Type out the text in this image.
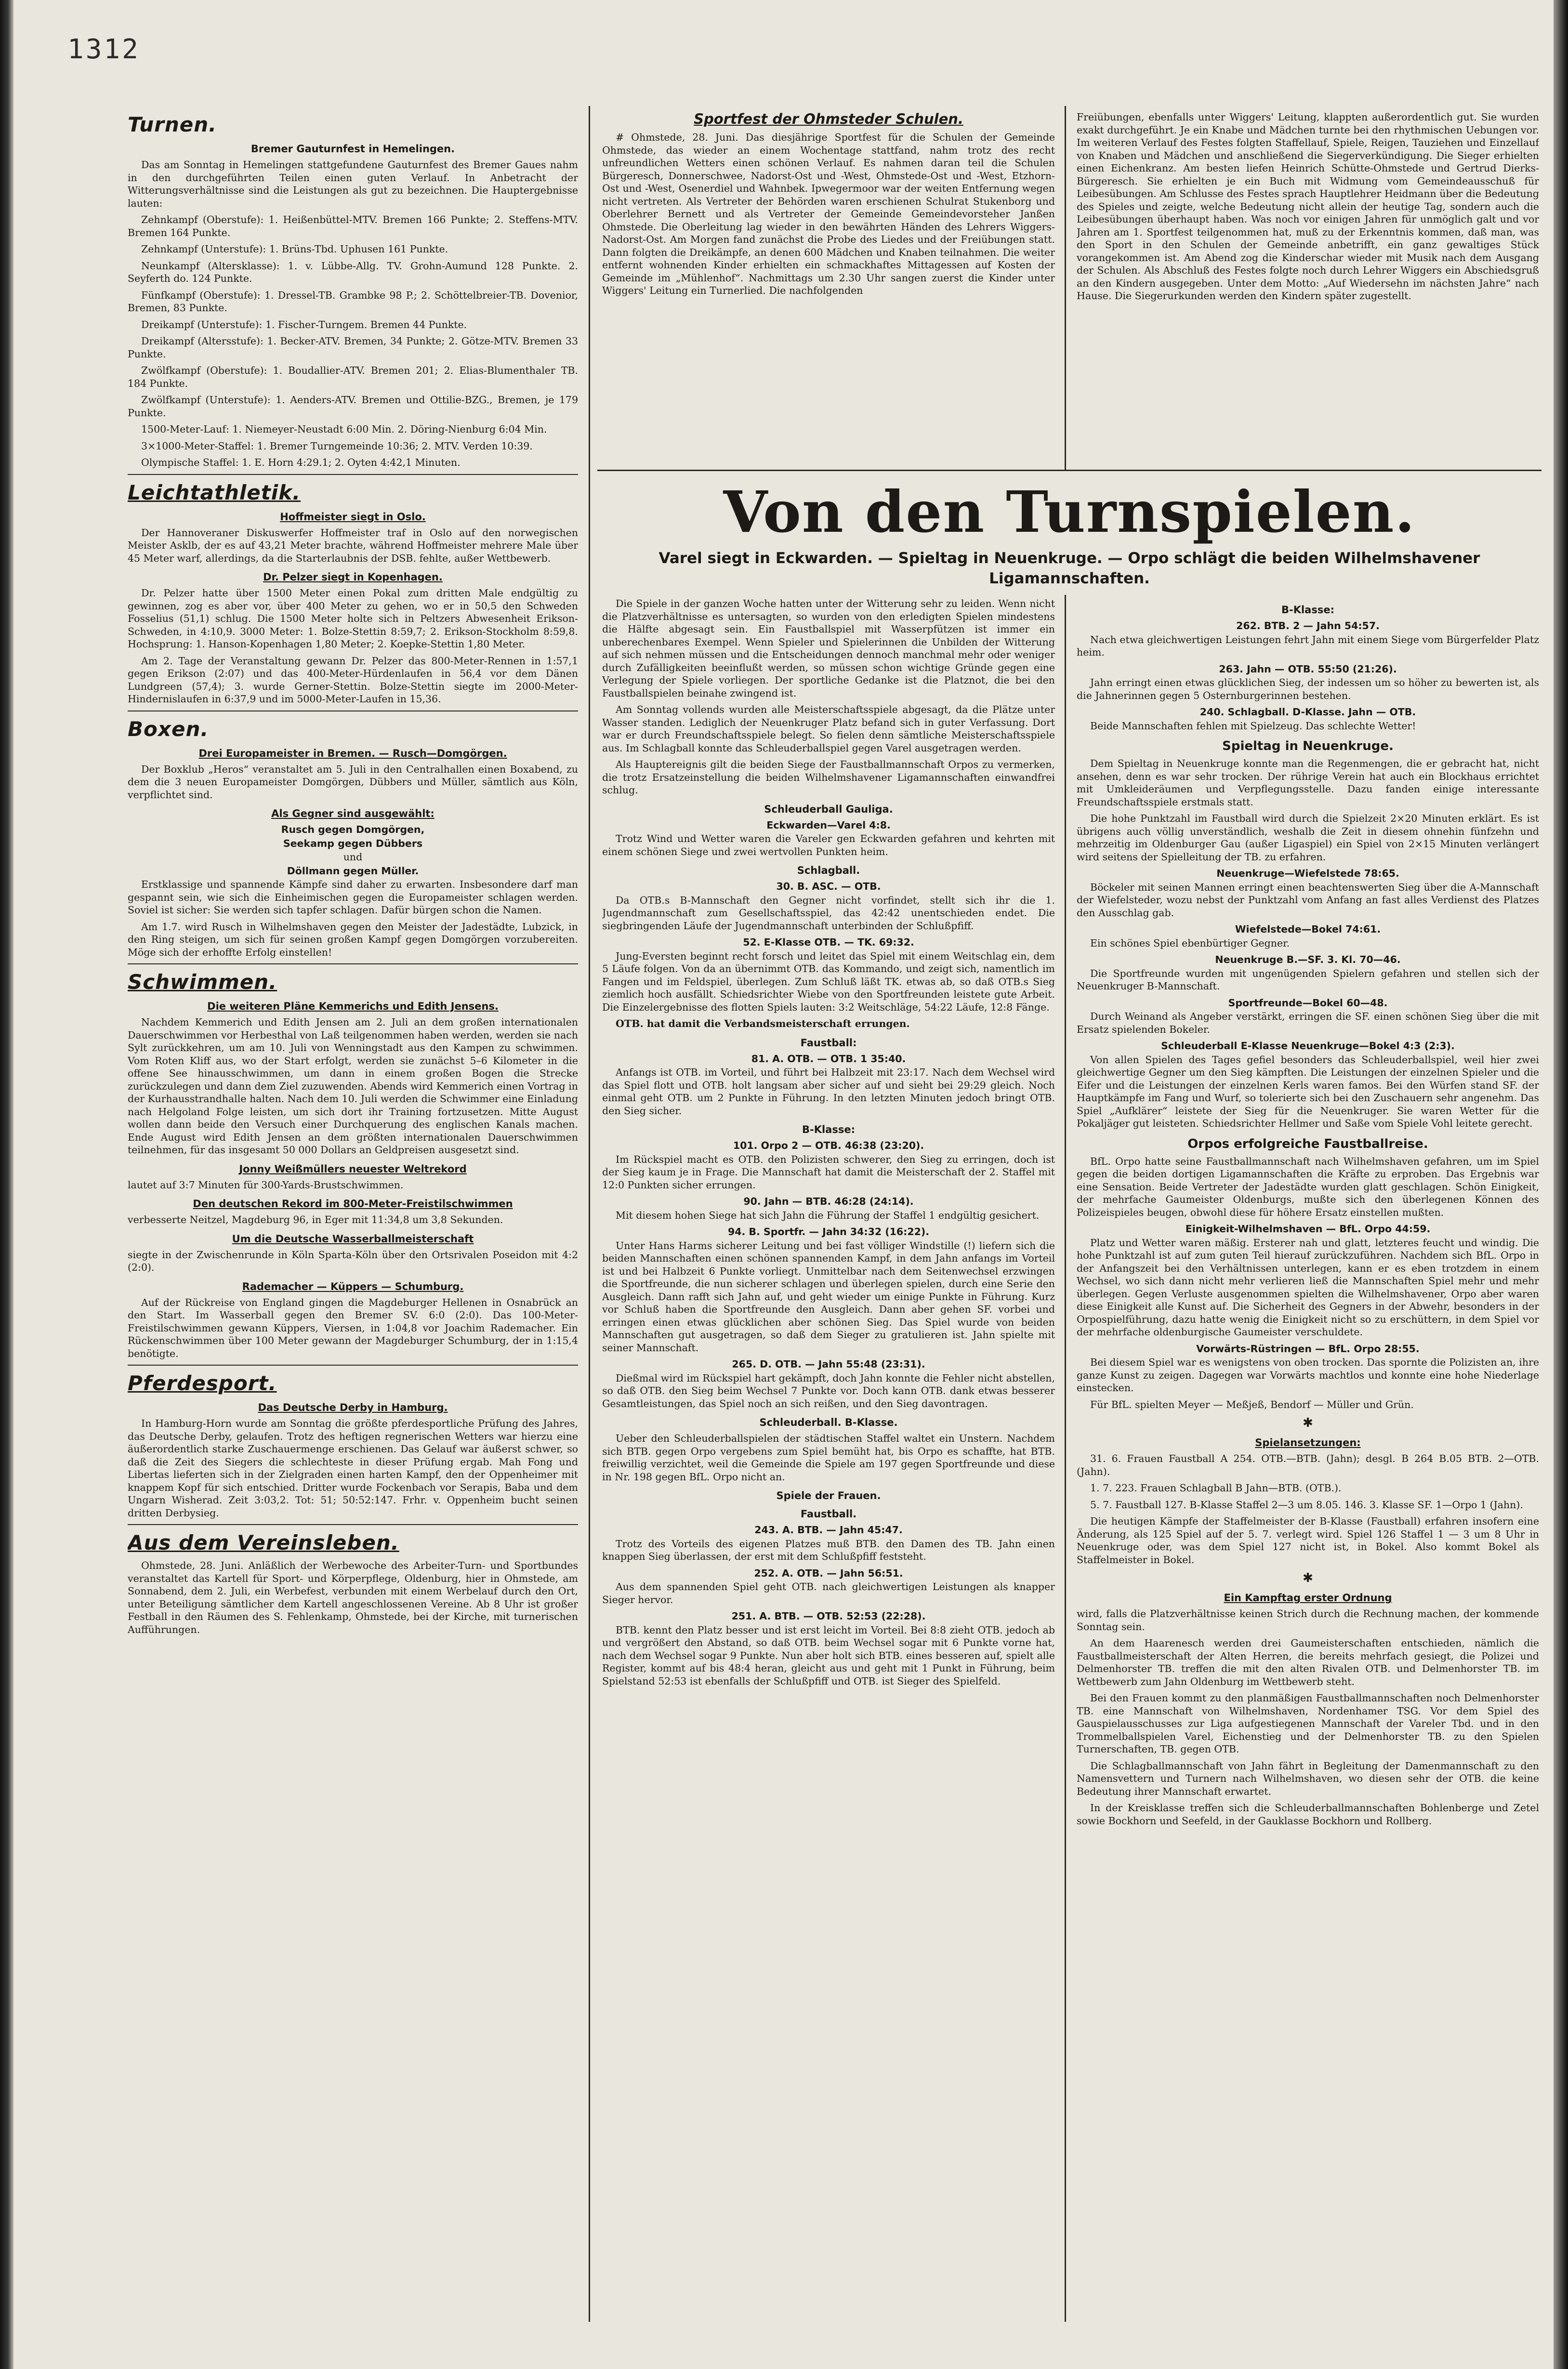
1312
Turnen.
Bremer Gauturnfest in Hemelingen.

Das am Sonntag in Hemelingen stattgefundene Gauturnfest des Bremer Gaues nahm in den durchgeführten Teilen einen guten Verlauf. In Anbetracht der Witterungsverhältnisse sind die Leistungen als gut zu bezeichnen. Die Hauptergebnisse lauten:

Zehnkampf (Oberstufe): 1. Heißenbüttel-MTV. Bremen 166 Punkte; 2. Steffens-MTV. Bremen 164 Punkte.

Zehnkampf (Unterstufe): 1. Brüns-Tbd. Uphusen 161 Punkte.

Neunkampf (Altersklasse): 1. v. Lübbe-Allg. TV. Grohn-Aumund 128 Punkte. 2. Seyferth do. 124 Punkte.

Fünfkampf (Oberstufe): 1. Dressel-TB. Grambke 98 P.; 2. Schöttelbreier-TB. Dovenior, Bremen, 83 Punkte.

Dreikampf (Unterstufe): 1. Fischer-Turngem. Bremen 44 Punkte.

Dreikampf (Altersstufe): 1. Becker-ATV. Bremen, 34 Punkte; 2. Götze-MTV. Bremen 33 Punkte.

Zwölfkampf (Oberstufe): 1. Boudallier-ATV. Bremen 201; 2. Elias-Blumenthaler TB. 184 Punkte.

Zwölfkampf (Unterstufe): 1. Aenders-ATV. Bremen und Ottilie-BZG., Bremen, je 179 Punkte.

1500-Meter-Lauf: 1. Niemeyer-Neustadt 6:00 Min. 2. Döring-Nienburg 6:04 Min.

3×1000-Meter-Staffel: 1. Bremer Turngemeinde 10:36; 2. MTV. Verden 10:39.

Olympische Staffel: 1. E. Horn 4:29.1; 2. Oyten 4:42,1 Minuten.

Leichtathletik.
Hoffmeister siegt in Oslo.

Der Hannoveraner Diskuswerfer Hoffmeister traf in Oslo auf den norwegischen Meister Asklb, der es auf 43,21 Meter brachte, während Hoffmeister mehrere Male über 45 Meter warf, allerdings, da die Starterlaubnis der DSB. fehlte, außer Wettbewerb.

Dr. Pelzer siegt in Kopenhagen.

Dr. Pelzer hatte über 1500 Meter einen Pokal zum dritten Male endgültig zu gewinnen, zog es aber vor, über 400 Meter zu gehen, wo er in 50,5 den Schweden Fosselius (51,1) schlug. Die 1500 Meter holte sich in Peltzers Abwesenheit Erikson-Schweden, in 4:10,9. 3000 Meter: 1. Bolze-Stettin 8:59,7; 2. Erikson-Stockholm 8:59,8. Hochsprung: 1. Hanson-Kopenhagen 1,80 Meter; 2. Koepke-Stettin 1,80 Meter.

Am 2. Tage der Veranstaltung gewann Dr. Pelzer das 800-Meter-Rennen in 1:57,1 gegen Erikson (2:07) und das 400-Meter-Hürdenlaufen in 56,4 vor dem Dänen Lundgreen (57,4); 3. wurde Gerner-Stettin. Bolze-Stettin siegte im 2000-Meter-Hindernislaufen in 6:37,9 und im 5000-Meter-Laufen in 15,36.

Boxen.
Drei Europameister in Bremen. — Rusch—Domgörgen.

Der Boxklub „Heros“ veranstaltet am 5. Juli in den Centralhallen einen Boxabend, zu dem die 3 neuen Europameister Domgörgen, Dübbers und Müller, sämtlich aus Köln, verpflichtet sind.

Als Gegner sind ausgewählt:
Rusch gegen Domgörgen,
Seekamp gegen Dübbers
und
Döllmann gegen Müller.

Erstklassige und spannende Kämpfe sind daher zu erwarten. Insbesondere darf man gespannt sein, wie sich die Einheimischen gegen die Europameister schlagen werden. Soviel ist sicher: Sie werden sich tapfer schlagen. Dafür bürgen schon die Namen.

Am 1.7. wird Rusch in Wilhelmshaven gegen den Meister der Jadestädte, Lubzick, in den Ring steigen, um sich für seinen großen Kampf gegen Domgörgen vorzubereiten. Möge sich der erhoffte Erfolg einstellen!

Schwimmen.
Die weiteren Pläne Kemmerichs und Edith Jensens.

Nachdem Kemmerich und Edith Jensen am 2. Juli an dem großen internationalen Dauerschwimmen vor Herbesthal von Laß teilgenommen haben werden, werden sie nach Sylt zurückkehren, um am 10. Juli von Wenningstadt aus den Kampen zu schwimmen. Vom Roten Kliff aus, wo der Start erfolgt, werden sie zunächst 5–6 Kilometer in die offene See hinausschwimmen, um dann in einem großen Bogen die Strecke zurückzulegen und dann dem Ziel zuzuwenden. Abends wird Kemmerich einen Vortrag in der Kurhausstrandhalle halten. Nach dem 10. Juli werden die Schwimmer eine Einladung nach Helgoland Folge leisten, um sich dort ihr Training fortzusetzen. Mitte August wollen dann beide den Versuch einer Durchquerung des englischen Kanals machen. Ende August wird Edith Jensen an dem größten internationalen Dauerschwimmen teilnehmen, für das insgesamt 50 000 Dollars an Geldpreisen ausgesetzt sind.

Jonny Weißmüllers neuester Weltrekord

lautet auf 3:7 Minuten für 300-Yards-Brustschwimmen.

Den deutschen Rekord im 800-Meter-Freistilschwimmen

verbesserte Neitzel, Magdeburg 96, in Eger mit 11:34,8 um 3,8 Sekunden.

Um die Deutsche Wasserballmeisterschaft

siegte in der Zwischenrunde in Köln Sparta-Köln über den Ortsrivalen Poseidon mit 4:2 (2:0).

Rademacher — Küppers — Schumburg.

Auf der Rückreise von England gingen die Magdeburger Hellenen in Osnabrück an den Start. Im Wasserball gegen den Bremer SV. 6:0 (2:0). Das 100-Meter-Freistilschwimmen gewann Küppers, Viersen, in 1:04,8 vor Joachim Rademacher. Ein Rückenschwimmen über 100 Meter gewann der Magdeburger Schumburg, der in 1:15,4 benötigte.

Pferdesport.
Das Deutsche Derby in Hamburg.

In Hamburg-Horn wurde am Sonntag die größte pferdesportliche Prüfung des Jahres, das Deutsche Derby, gelaufen. Trotz des heftigen regnerischen Wetters war hierzu eine äußerordentlich starke Zuschauermenge erschienen. Das Gelauf war äußerst schwer, so daß die Zeit des Siegers die schlechteste in dieser Prüfung ergab. Mah Fong und Libertas lieferten sich in der Zielgraden einen harten Kampf, den der Oppenheimer mit knappem Kopf für sich entschied. Dritter wurde Fockenbach vor Serapis, Baba und dem Ungarn Wisherad. Zeit 3:03,2. Tot: 51; 50:52:147. Frhr. v. Oppenheim bucht seinen dritten Derbysieg.

Aus dem Vereinsleben.

Ohmstede, 28. Juni. Anläßlich der Werbewoche des Arbeiter-Turn- und Sportbundes veranstaltet das Kartell für Sport- und Körperpflege, Oldenburg, hier in Ohmstede, am Sonnabend, dem 2. Juli, ein Werbefest, verbunden mit einem Werbelauf durch den Ort, unter Beteiligung sämtlicher dem Kartell angeschlossenen Vereine. Ab 8 Uhr ist großer Festball in den Räumen des S. Fehlenkamp, Ohmstede, bei der Kirche, mit turnerischen Aufführungen.

Sportfest der Ohmsteder Schulen.

# Ohmstede, 28. Juni. Das diesjährige Sportfest für die Schulen der Gemeinde Ohmstede, das wieder an einem Wochentage stattfand, nahm trotz des recht unfreundlichen Wetters einen schönen Verlauf. Es nahmen daran teil die Schulen Bürgeresch, Donnerschwee, Nadorst-Ost und -West, Ohmstede-Ost und -West, Etzhorn-Ost und -West, Osenerdiel und Wahnbek. Ipwegermoor war der weiten Entfernung wegen nicht vertreten. Als Vertreter der Behörden waren erschienen Schulrat Stukenborg und Oberlehrer Bernett und als Vertreter der Gemeinde Gemeindevorsteher Janßen Ohmstede. Die Oberleitung lag wieder in den bewährten Händen des Lehrers Wiggers-Nadorst-Ost. Am Morgen fand zunächst die Probe des Liedes und der Freiübungen statt. Dann folgten die Dreikämpfe, an denen 600 Mädchen und Knaben teilnahmen. Die weiter entfernt wohnenden Kinder erhielten ein schmackhaftes Mittagessen auf Kosten der Gemeinde im „Mühlenhof“. Nachmittags um 2.30 Uhr sangen zuerst die Kinder unter Wiggers' Leitung ein Turnerlied. Die nachfolgenden

Freiübungen, ebenfalls unter Wiggers' Leitung, klappten außerordentlich gut. Sie wurden exakt durchgeführt. Je ein Knabe und Mädchen turnte bei den rhythmischen Uebungen vor. Im weiteren Verlauf des Festes folgten Staffellauf, Spiele, Reigen, Tauziehen und Einzellauf von Knaben und Mädchen und anschließend die Siegerverkündigung. Die Sieger erhielten einen Eichenkranz. Am besten liefen Heinrich Schütte-Ohmstede und Gertrud Dierks-Bürgeresch. Sie erhielten je ein Buch mit Widmung vom Gemeindeausschuß für Leibesübungen. Am Schlusse des Festes sprach Hauptlehrer Heidmann über die Bedeutung des Spieles und zeigte, welche Bedeutung nicht allein der heutige Tag, sondern auch die Leibesübungen überhaupt haben. Was noch vor einigen Jahren für unmöglich galt und vor Jahren am 1. Sportfest teilgenommen hat, muß zu der Erkenntnis kommen, daß man, was den Sport in den Schulen der Gemeinde anbetrifft, ein ganz gewaltiges Stück vorangekommen ist. Am Abend zog die Kinderschar wieder mit Musik nach dem Ausgang der Schulen. Als Abschluß des Festes folgte noch durch Lehrer Wiggers ein Abschiedsgruß an den Kindern ausgegeben. Unter dem Motto: „Auf Wiedersehn im nächsten Jahre“ nach Hause. Die Siegerurkunden werden den Kindern später zugestellt.

Von den Turnspielen.
Varel siegt in Eckwarden. — Spieltag in Neuenkruge. — Orpo schlägt die beiden Wilhelmshavener Ligamannschaften.

Die Spiele in der ganzen Woche hatten unter der Witterung sehr zu leiden. Wenn nicht die Platzverhältnisse es untersagten, so wurden von den erledigten Spielen mindestens die Hälfte abgesagt sein. Ein Faustballspiel mit Wasserpfützen ist immer ein unberechenbares Exempel. Wenn Spieler und Spielerinnen die Unbilden der Witterung auf sich nehmen müssen und die Entscheidungen dennoch manchmal mehr oder weniger durch Zufälligkeiten beeinflußt werden, so müssen schon wichtige Gründe gegen eine Verlegung der Spiele vorliegen. Der sportliche Gedanke ist die Platznot, die bei den Faustballspielen beinahe zwingend ist.

Am Sonntag vollends wurden alle Meisterschaftsspiele abgesagt, da die Plätze unter Wasser standen. Lediglich der Neuenkruger Platz befand sich in guter Verfassung. Dort war er durch Freundschaftsspiele belegt. So fielen denn sämtliche Meisterschaftsspiele aus. Im Schlagball konnte das Schleuderballspiel gegen Varel ausgetragen werden.

Als Hauptereignis gilt die beiden Siege der Faustballmannschaft Orpos zu vermerken, die trotz Ersatzeinstellung die beiden Wilhelmshavener Ligamannschaften einwandfrei schlug.

Schleuderball Gauliga.
Eckwarden—Varel 4:8.

Trotz Wind und Wetter waren die Vareler gen Eckwarden gefahren und kehrten mit einem schönen Siege und zwei wertvollen Punkten heim.

Schlagball.
30. B. ASC. — OTB.

Da OTB.s B-Mannschaft den Gegner nicht vorfindet, stellt sich ihr die 1. Jugendmannschaft zum Gesellschaftsspiel, das 42:42 unentschieden endet. Die siegbringenden Läufe der Jugendmannschaft unterbinden der Schlußpfiff.

52. E-Klasse OTB. — TK. 69:32.

Jung-Eversten beginnt recht forsch und leitet das Spiel mit einem Weitschlag ein, dem 5 Läufe folgen. Von da an übernimmt OTB. das Kommando, und zeigt sich, namentlich im Fangen und im Feldspiel, überlegen. Zum Schluß läßt TK. etwas ab, so daß OTB.s Sieg ziemlich hoch ausfällt. Schiedsrichter Wiebe von den Sportfreunden leistete gute Arbeit. Die Einzelergebnisse des flotten Spiels lauten: 3:2 Weitschläge, 54:22 Läufe, 12:8 Fänge.

OTB. hat damit die Verbandsmeisterschaft errungen.

Faustball:
81. A. OTB. — OTB. 1 35:40.

Anfangs ist OTB. im Vorteil, und führt bei Halbzeit mit 23:17. Nach dem Wechsel wird das Spiel flott und OTB. holt langsam aber sicher auf und sieht bei 29:29 gleich. Noch einmal geht OTB. um 2 Punkte in Führung. In den letzten Minuten jedoch bringt OTB. den Sieg sicher.

B-Klasse:
101. Orpo 2 — OTB. 46:38 (23:20).

Im Rückspiel macht es OTB. den Polizisten schwerer, den Sieg zu erringen, doch ist der Sieg kaum je in Frage. Die Mannschaft hat damit die Meisterschaft der 2. Staffel mit 12:0 Punkten sicher errungen.

90. Jahn — BTB. 46:28 (24:14).

Mit diesem hohen Siege hat sich Jahn die Führung der Staffel 1 endgültig gesichert.

94. B. Sportfr. — Jahn 34:32 (16:22).

Unter Hans Harms sicherer Leitung und bei fast völliger Windstille (!) liefern sich die beiden Mannschaften einen schönen spannenden Kampf, in dem Jahn anfangs im Vorteil ist und bei Halbzeit 6 Punkte vorliegt. Unmittelbar nach dem Seitenwechsel erzwingen die Sportfreunde, die nun sicherer schlagen und überlegen spielen, durch eine Serie den Ausgleich. Dann rafft sich Jahn auf, und geht wieder um einige Punkte in Führung. Kurz vor Schluß haben die Sportfreunde den Ausgleich. Dann aber gehen SF. vorbei und erringen einen etwas glücklichen aber schönen Sieg. Das Spiel wurde von beiden Mannschaften gut ausgetragen, so daß dem Sieger zu gratulieren ist. Jahn spielte mit seiner Mannschaft.

265. D. OTB. — Jahn 55:48 (23:31).

Dießmal wird im Rückspiel hart gekämpft, doch Jahn konnte die Fehler nicht abstellen, so daß OTB. den Sieg beim Wechsel 7 Punkte vor. Doch kann OTB. dank etwas besserer Gesamtleistungen, das Spiel noch an sich reißen, und den Sieg davontragen.

Schleuderball. B-Klasse.

Ueber den Schleuderballspielen der städtischen Staffel waltet ein Unstern. Nachdem sich BTB. gegen Orpo vergebens zum Spiel bemüht hat, bis Orpo es schaffte, hat BTB. freiwillig verzichtet, weil die Gemeinde die Spiele am 197 gegen Sportfreunde und diese in Nr. 198 gegen BfL. Orpo nicht an.

Spiele der Frauen.
Faustball.
243. A. BTB. — Jahn 45:47.

Trotz des Vorteils des eigenen Platzes muß BTB. den Damen des TB. Jahn einen knappen Sieg überlassen, der erst mit dem Schlußpfiff feststeht.

252. A. OTB. — Jahn 56:51.

Aus dem spannenden Spiel geht OTB. nach gleichwertigen Leistungen als knapper Sieger hervor.

251. A. BTB. — OTB. 52:53 (22:28).

BTB. kennt den Platz besser und ist erst leicht im Vorteil. Bei 8:8 zieht OTB. jedoch ab und vergrößert den Abstand, so daß OTB. beim Wechsel sogar mit 6 Punkte vorne hat, nach dem Wechsel sogar 9 Punkte. Nun aber holt sich BTB. eines besseren auf, spielt alle Register, kommt auf bis 48:4 heran, gleicht aus und geht mit 1 Punkt in Führung, beim Spielstand 52:53 ist ebenfalls der Schlußpfiff und OTB. ist Sieger des Spielfeld.

B-Klasse:
262. BTB. 2 — Jahn 54:57.

Nach etwa gleichwertigen Leistungen fehrt Jahn mit einem Siege vom Bürgerfelder Platz heim.

263. Jahn — OTB. 55:50 (21:26).

Jahn erringt einen etwas glücklichen Sieg, der indessen um so höher zu bewerten ist, als die Jahnerinnen gegen 5 Osternburgerinnen bestehen.

240. Schlagball. D-Klasse. Jahn — OTB.

Beide Mannschaften fehlen mit Spielzeug. Das schlechte Wetter!

Spieltag in Neuenkruge.

Dem Spieltag in Neuenkruge konnte man die Regenmengen, die er gebracht hat, nicht ansehen, denn es war sehr trocken. Der rührige Verein hat auch ein Blockhaus errichtet mit Umkleideräumen und Verpflegungsstelle. Dazu fanden einige interessante Freundschaftsspiele erstmals statt.

Die hohe Punktzahl im Faustball wird durch die Spielzeit 2×20 Minuten erklärt. Es ist übrigens auch völlig unverständlich, weshalb die Zeit in diesem ohnehin fünfzehn und mehrzeitig im Oldenburger Gau (außer Ligaspiel) ein Spiel von 2×15 Minuten verlängert wird seitens der Spielleitung der TB. zu erfahren.

Neuenkruge—Wiefelstede 78:65.

Böckeler mit seinen Mannen erringt einen beachtenswerten Sieg über die A-Mannschaft der Wiefelsteder, wozu nebst der Punktzahl vom Anfang an fast alles Verdienst des Platzes den Ausschlag gab.

Wiefelstede—Bokel 74:61.

Ein schönes Spiel ebenbürtiger Gegner.

Neuenkruge B.—SF. 3. Kl. 70—46.

Die Sportfreunde wurden mit ungenügenden Spielern gefahren und stellen sich der Neuenkruger B-Mannschaft.

Sportfreunde—Bokel 60—48.

Durch Weinand als Angeber verstärkt, erringen die SF. einen schönen Sieg über die mit Ersatz spielenden Bokeler.

Schleuderball E-Klasse Neuenkruge—Bokel 4:3 (2:3).

Von allen Spielen des Tages gefiel besonders das Schleuderballspiel, weil hier zwei gleichwertige Gegner um den Sieg kämpften. Die Leistungen der einzelnen Spieler und die Eifer und die Leistungen der einzelnen Kerls waren famos. Bei den Würfen stand SF. der Hauptkämpfe im Fang und Wurf, so tolerierte sich bei den Zuschauern sehr angenehm. Das Spiel „Aufklärer“ leistete der Sieg für die Neuenkruger. Sie waren Wetter für die Pokaljäger gut leisteten. Schiedsrichter Hellmer und Saße vom Spiele Vohl leitete gerecht.

Orpos erfolgreiche Faustballreise.

BfL. Orpo hatte seine Faustballmannschaft nach Wilhelmshaven gefahren, um im Spiel gegen die beiden dortigen Ligamannschaften die Kräfte zu erproben. Das Ergebnis war eine Sensation. Beide Vertreter der Jadestädte wurden glatt geschlagen. Schön Einigkeit, der mehrfache Gaumeister Oldenburgs, mußte sich den überlegenen Können des Polizeispieles beugen, obwohl diese für höhere Ersatz einstellen mußten.

Einigkeit-Wilhelmshaven — BfL. Orpo 44:59.

Platz und Wetter waren mäßig. Ersterer nah und glatt, letzteres feucht und windig. Die hohe Punktzahl ist auf zum guten Teil hierauf zurückzuführen. Nachdem sich BfL. Orpo in der Anfangszeit bei den Verhältnissen unterlegen, kann er es eben trotzdem in einem Wechsel, wo sich dann nicht mehr verlieren ließ die Mannschaften Spiel mehr und mehr überlegen. Gegen Verluste ausgenommen spielten die Wilhelmshavener, Orpo aber waren diese Einigkeit alle Kunst auf. Die Sicherheit des Gegners in der Abwehr, besonders in der Orpospielführung, dazu hatte wenig die Einigkeit nicht so zu erschüttern, in dem Spiel vor der mehrfache oldenburgische Gaumeister verschuldete.

Vorwärts-Rüstringen — BfL. Orpo 28:55.

Bei diesem Spiel war es wenigstens von oben trocken. Das spornte die Polizisten an, ihre ganze Kunst zu zeigen. Dagegen war Vorwärts machtlos und konnte eine hohe Niederlage einstecken.

Für BfL. spielten Meyer — Meßjeß, Bendorf — Müller und Grün.

✱
Spielansetzungen:

31. 6. Frauen Faustball A 254. OTB.—BTB. (Jahn); desgl. B 264 B.05 BTB. 2—OTB. (Jahn).

1. 7. 223. Frauen Schlagball B Jahn—BTB. (OTB.).

5. 7. Faustball 127. B-Klasse Staffel 2—3 um 8.05. 146. 3. Klasse SF. 1—Orpo 1 (Jahn).

Die heutigen Kämpfe der Staffelmeister der B-Klasse (Faustball) erfahren insofern eine Änderung, als 125 Spiel auf der 5. 7. verlegt wird. Spiel 126 Staffel 1 — 3 um 8 Uhr in Neuenkruge oder, was dem Spiel 127 nicht ist, in Bokel. Also kommt Bokel als Staffelmeister in Bokel.

✱
Ein Kampftag erster Ordnung

wird, falls die Platzverhältnisse keinen Strich durch die Rechnung machen, der kommende Sonntag sein.

An dem Haarenesch werden drei Gaumeisterschaften entschieden, nämlich die Faustballmeisterschaft der Alten Herren, die bereits mehrfach gesiegt, die Polizei und Delmenhorster TB. treffen die mit den alten Rivalen OTB. und Delmenhorster TB. im Wettbewerb zum Jahn Oldenburg im Wettbewerb steht.

Bei den Frauen kommt zu den planmäßigen Faustballmannschaften noch Delmenhorster TB. eine Mannschaft von Wilhelmshaven, Nordenhamer TSG. Vor dem Spiel des Gauspielausschusses zur Liga aufgestiegenen Mannschaft der Vareler Tbd. und in den Trommelballspielen Varel, Eichenstieg und der Delmenhorster TB. zu den Spielen Turnerschaften, TB. gegen OTB.

Die Schlagballmannschaft von Jahn fährt in Begleitung der Damenmannschaft zu den Namensvettern und Turnern nach Wilhelmshaven, wo diesen sehr der OTB. die keine Bedeutung ihrer Mannschaft erwartet.

In der Kreisklasse treffen sich die Schleuderballmannschaften Bohlenberge und Zetel sowie Bockhorn und Seefeld, in der Gauklasse Bockhorn und Rollberg.
